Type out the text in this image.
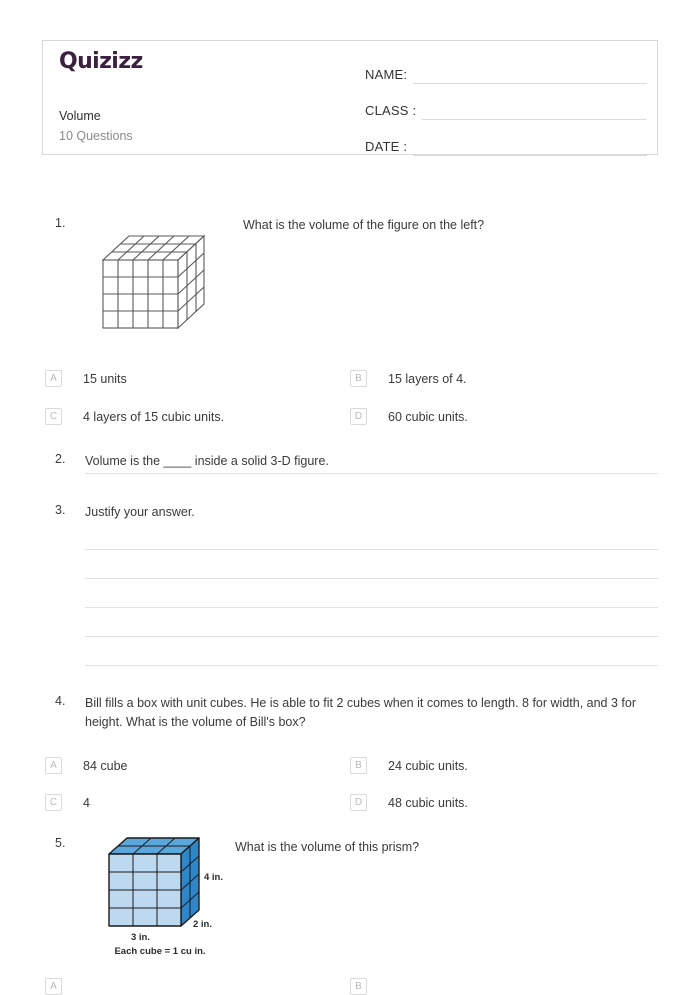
Quizizz
Volume
10 Questions
NAME:
CLASS :
DATE :
1.	What is the volume of the figure on the left?
A	15 units	B	15 layers of 4.
C	4 layers of 15 cubic units.	D	60 cubic units.
2. Volume is the ____ inside a solid 3-D figure.
3. Justify your answer.
4. Bill fills a box with unit cubes. He is able to fit 2 cubes when it comes to length. 8 for width, and 3 for height. What is the volume of Bill's box?
A	84 cube	B	24 cubic units.
C	4	D	48 cubic units.
5.	What is the volume of this prism?
4 in.
2 in.
3 in.
Each cube = 1 cu in.
A	B
